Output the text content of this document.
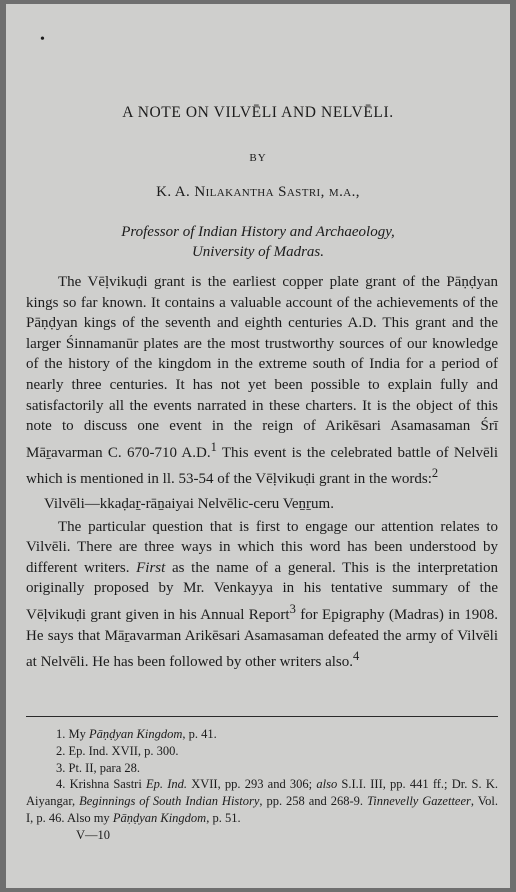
•
A NOTE ON VILVĒLI AND NELVĒLI.
BY
K. A. Nilakantha Sastri, m.a.,
Professor of Indian History and Archaeology,
University of Madras.

The Vēḷvikuḍi grant is the earliest copper plate grant of the Pāṇḍyan kings so far known. It contains a valuable account of the achievements of the Pāṇḍyan kings of the seventh and eighth centuries A.D. This grant and the larger Śinnamanūr plates are the most trustworthy sources of our knowledge of the history of the kingdom in the extreme south of India for a period of nearly three centuries. It has not yet been possible to explain fully and satisfactorily all the events narrated in these charters. It is the object of this note to discuss one event in the reign of Arikēsari Asamasaman Śrī Māṟavarman C. 670-710 A.D.$^1$ This event is the celebrated battle of Nelvēli which is mentioned in ll. 53-54 of the Vēḷvikuḍi grant in the words:$^2$

Vilvēli—kkaḍaṟ-rāṉaiyai Nelvēlic-ceru Veṉṟum.

The particular question that is first to engage our attention relates to Vilvēli. There are three ways in which this word has been understood by different writers. First as the name of a general. This is the interpretation originally proposed by Mr. Venkayya in his tentative summary of the Vēḷvikuḍi grant given in his Annual Report$^3$ for Epigraphy (Madras) in 1908. He says that Māṟavarman Arikēsari Asamasaman defeated the army of Vilvēli at Nelvēli. He has been followed by other writers also.$^4$

1. My Pāṇḍyan Kingdom, p. 41.
2. Ep. Ind. XVII, p. 300.
3. Pt. II, para 28.
4. Krishna Sastri Ep. Ind. XVII, pp. 293 and 306; also S.I.I. III, pp. 441 ff.; Dr. S. K. Aiyangar, Beginnings of South Indian History, pp. 258 and 268-9. Tinnevelly Gazetteer, Vol. I, p. 46. Also my Pāṇḍyan Kingdom, p. 51.
V—10
